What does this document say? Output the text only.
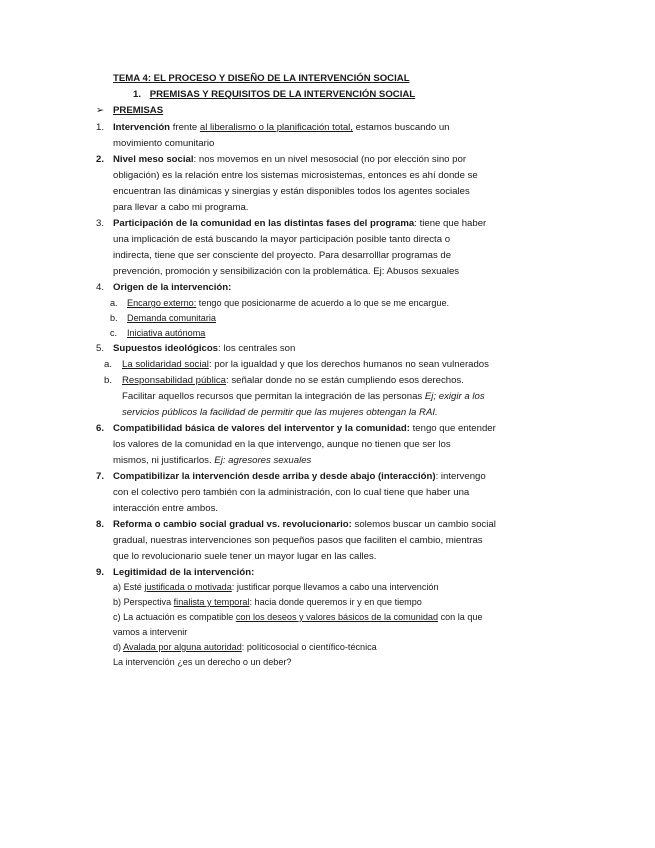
TEMA 4: EL PROCESO Y DISEÑO DE LA INTERVENCIÓN SOCIAL
1. PREMISAS Y REQUISITOS DE LA INTERVENCIÓN SOCIAL
➢ PREMISAS
1. Intervención frente al liberalismo o la planificación total, estamos buscando un
movimiento comunitario
2. Nivel meso social: nos movemos en un nivel mesosocial (no por elección sino por
obligación) es la relación entre los sistemas microsistemas, entonces es ahí donde se
encuentran las dinámicas y sinergias y están disponibles todos los agentes sociales
para llevar a cabo mi programa.
3. Participación de la comunidad en las distintas fases del programa: tiene que haber
una implicación de está buscando la mayor participación posible tanto directa o
indirecta, tiene que ser consciente del proyecto. Para desarrolllar programas de
prevención, promoción y sensibilización con la problemática. Ej: Abusos sexuales
4. Origen de la intervención:
a. Encargo externo: tengo que posicionarme de acuerdo a lo que se me encargue.
b. Demanda comunitaria
c. Iniciativa autónoma
5. Supuestos ideológicos: los centrales son
a. La solidaridad social: por la igualdad y que los derechos humanos no sean vulnerados
b. Responsabilidad pública: señalar donde no se están cumpliendo esos derechos.
Facilitar aquellos recursos que permitan la integración de las personas Ej; exigir a los
servicios públicos la facilidad de permitir que las mujeres obtengan la RAI.
6. Compatibilidad básica de valores del interventor y la comunidad: tengo que entender
los valores de la comunidad en la que intervengo, aunque no tienen que ser los
mismos, ni justificarlos. Ej: agresores sexuales
7. Compatibilizar la intervención desde arriba y desde abajo (interacción): intervengo
con el colectivo pero también con la administración, con lo cual tiene que haber una
interacción entre ambos.
8. Reforma o cambio social gradual vs. revolucionario: solemos buscar un cambio social
gradual, nuestras intervenciones son pequeños pasos que faciliten el cambio, mientras
que lo revolucionario suele tener un mayor lugar en las calles.
9. Legitimidad de la intervención:
a) Esté justificada o motivada: justificar porque llevamos a cabo una intervención
b) Perspectiva finalista y temporal: hacia donde queremos ir y en que tiempo
c) La actuación es compatible con los deseos y valores básicos de la comunidad con la que
vamos a intervenir
d) Avalada por alguna autoridad: políticosocial o científico-técnica
La intervención ¿es un derecho o un deber?
